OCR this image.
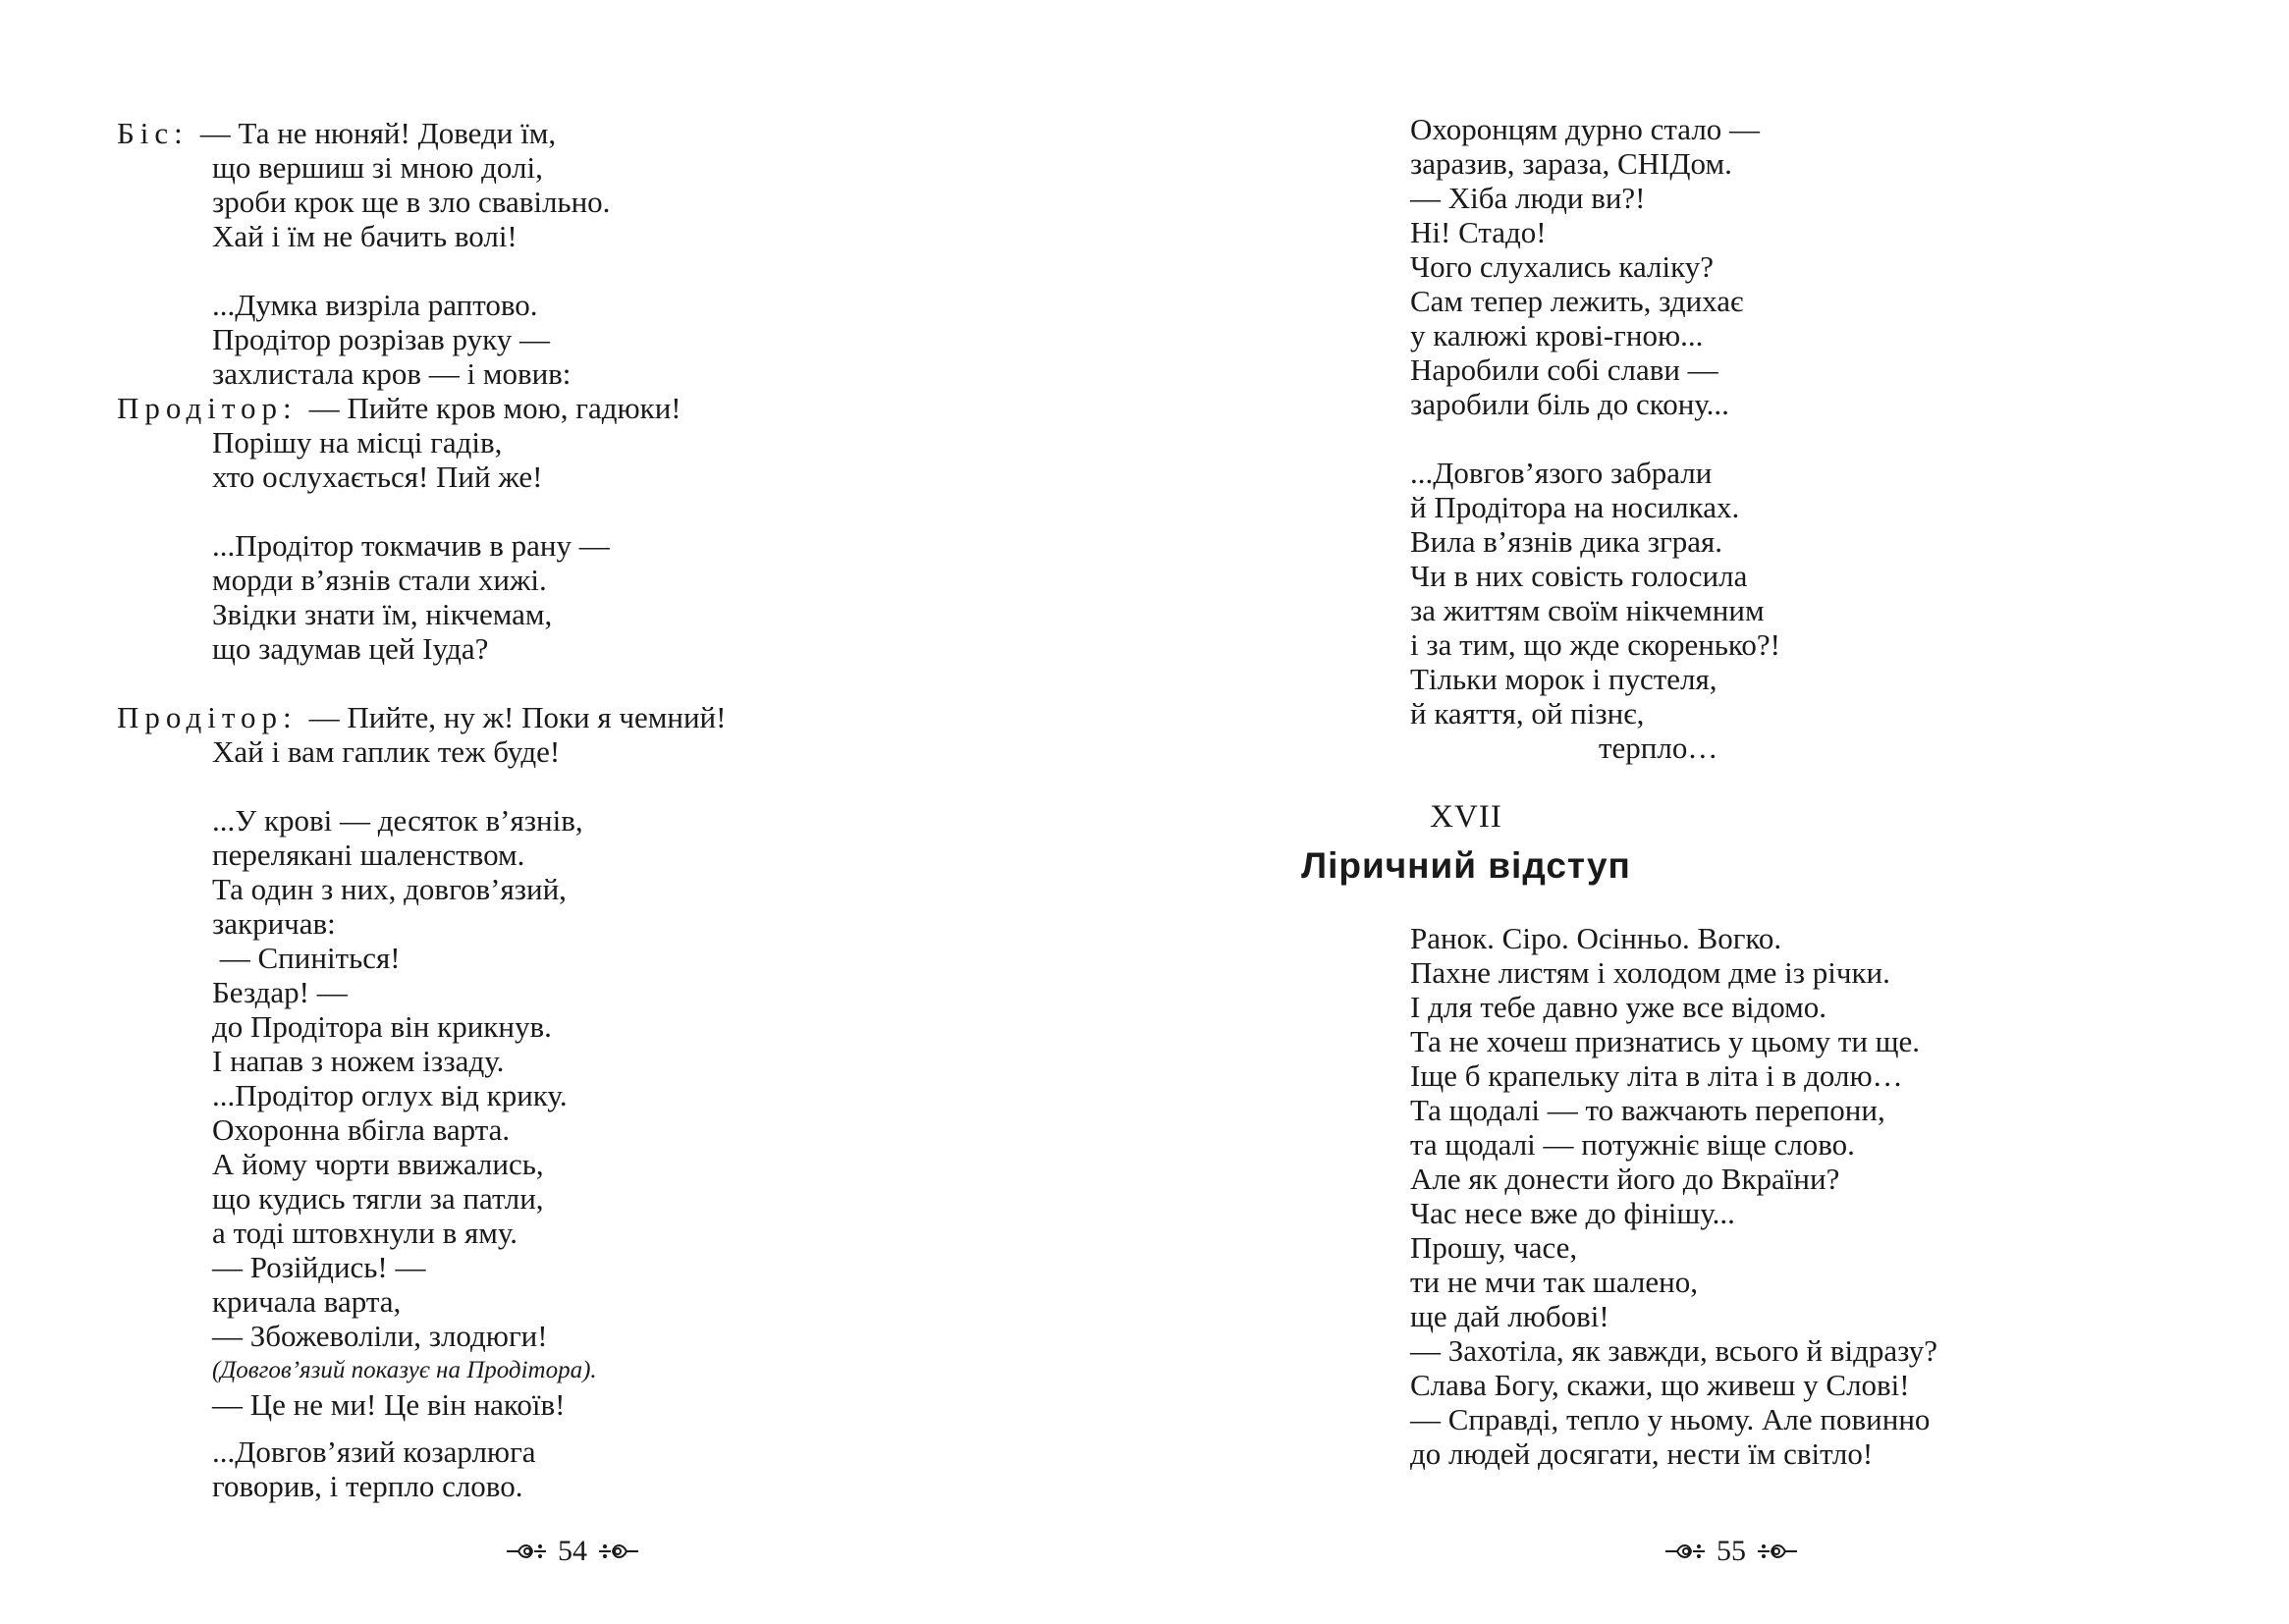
Біс: — Та не нюняй! Доведи їм,
що вершиш зі мною долі,
зроби крок ще в зло свавільно.
Хай і їм не бачить волі!
...Думка визріла раптово.
Продітор розрізав руку —
захлистала кров — і мовив:
Продітор: — Пийте кров мою, гадюки!
Порішу на місці гадів,
хто ослухається! Пий же!
...Продітор токмачив в рану —
морди в’язнів стали хижі.
Звідки знати їм, нікчемам,
що задумав цей Іуда?
Продітор: — Пийте, ну ж! Поки я чемний!
Хай і вам гаплик теж буде!
...У крові — десяток в’язнів,
перелякані шаленством.
Та один з них, довгов’язий,
закричав:
— Спиніться!
Бездар! —
до Продітора він крикнув.
І напав з ножем іззаду.
...Продітор оглух від крику.
Охоронна вбігла варта.
А йому чорти ввижались,
що кудись тягли за патли,
а тоді штовхнули в яму.
— Розійдись! —
кричала варта,
— Збожеволіли, злодюги!
(Довгов’язий показує на Продітора).
— Це не ми! Це він накоїв!
...Довгов’язий козарлюга
говорив, і терпло слово.
54
Охоронцям дурно стало —
заразив, зараза, СНІДом.
— Хіба люди ви?!
Ні! Стадо!
Чого слухались каліку?
Сам тепер лежить, здихає
у калюжі крові-гною...
Наробили собі слави —
заробили біль до скону...
...Довгов’язого забрали
й Продітора на носилках.
Вила в’язнів дика зграя.
Чи в них совість голосила
за життям своїм нікчемним
і за тим, що жде скоренько?!
Тільки морок і пустеля,
й каяття, ой пізнє,
терпло…
Ранок. Сіро. Осінньо. Вогко.
Пахне листям і холодом дме із річки.
І для тебе давно уже все відомо.
Та не хочеш признатись у цьому ти ще.
Іще б крапельку літа в літа і в долю…
Та щодалі — то важчають перепони,
та щодалі — потужніє віще слово.
Але як донести його до Вкраїни?
Час несе вже до фінішу...
Прошу, часе,
ти не мчи так шалено,
ще дай любові!
— Захотіла, як завжди, всього й відразу?
Слава Богу, скажи, що живеш у Слові!
— Справді, тепло у ньому. Але повинно
до людей досягати, нести їм світло!
55
XVII
Ліричний відступ
